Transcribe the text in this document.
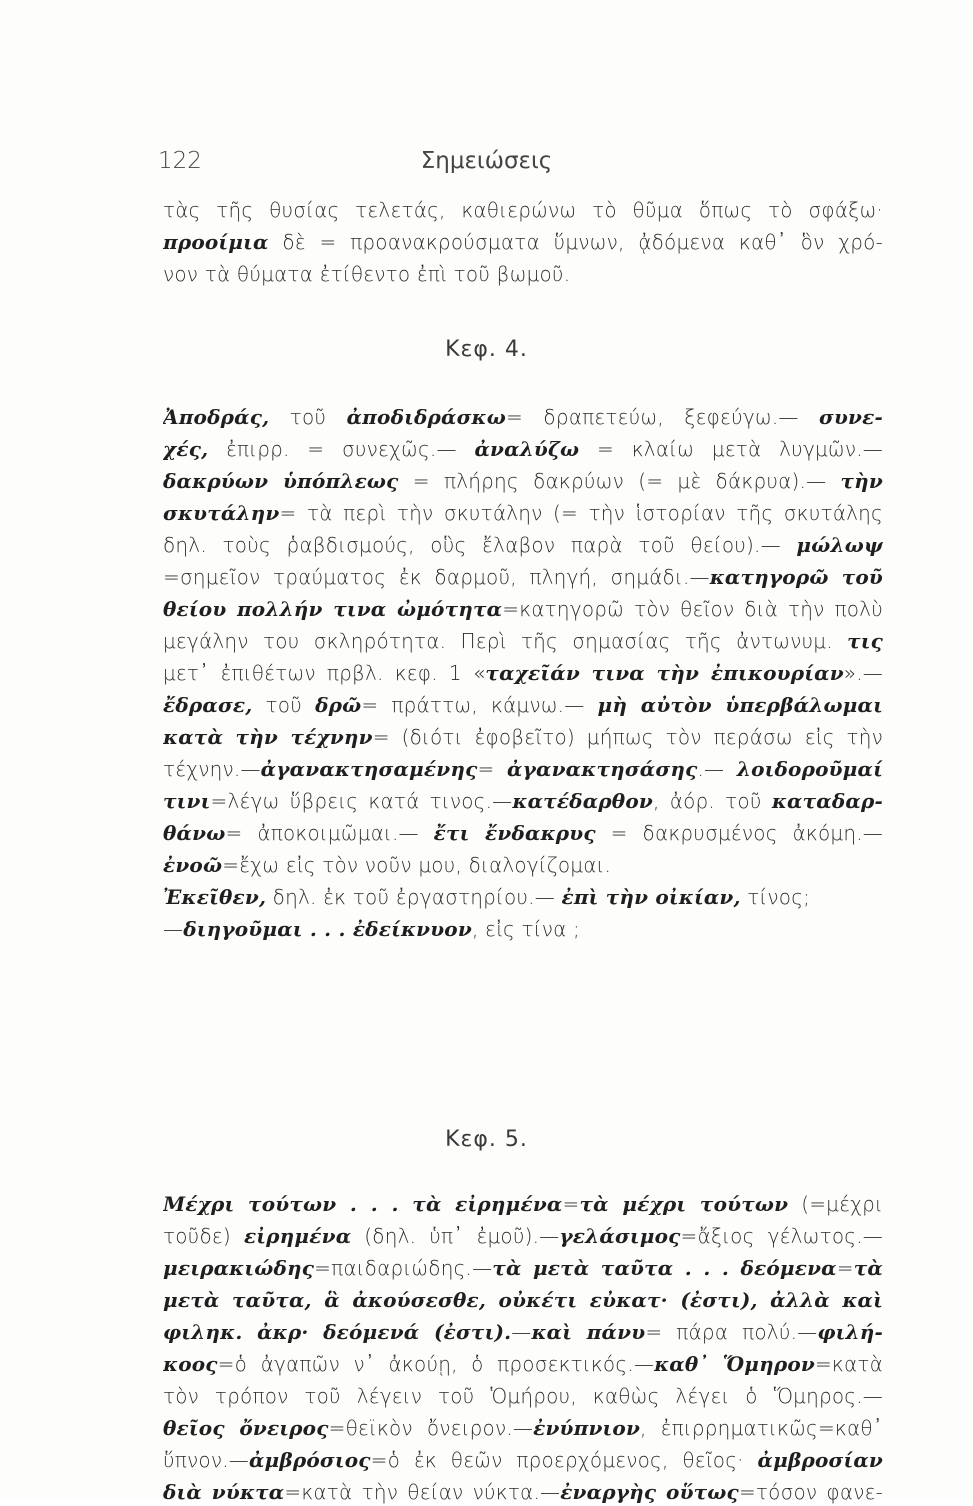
122	Σημειώσεις
τὰς τῆς θυσίας τελετάς, καθιερώνω τὸ θῦμα ὅπως τὸ σφάξω·
προοίμια δὲ = προανακρούσματα ὕμνων, ᾀδόμενα καθ᾽ ὃν χρό-
νον τὰ θύματα ἐτίθεντο ἐπὶ τοῦ βωμοῦ.
Κεφ. 4.
Ἀποδράς, τοῦ ἀποδιδράσκω= δραπετεύω, ξεφεύγω.— συνε-
χές, ἐπιρρ. = συνεχῶς.— ἀναλύζω = κλαίω μετὰ λυγμῶν.—
δακρύων ὑπόπλεως = πλήρης δακρύων (= μὲ δάκρυα).— τὴν
σκυτάλην= τὰ περὶ τὴν σκυτάλην (= τὴν ἱστορίαν τῆς σκυτάλης
δηλ. τοὺς ῥαβδισμούς, οὓς ἔλαβον παρὰ τοῦ θείου).— μώλωψ
=σημεῖον τραύματος ἐκ δαρμοῦ, πληγή, σημάδι.—κατηγορῶ τοῦ
θείου πολλήν τινα ὠμότητα=κατηγορῶ τὸν θεῖον διὰ τὴν πολὺ
μεγάλην του σκληρότητα. Περὶ τῆς σημασίας τῆς ἀντωνυμ. τις
μετ᾽ ἐπιθέτων πρβλ. κεφ. 1 «ταχεῖάν τινα τὴν ἐπικουρίαν».—
ἔδρασε, τοῦ δρῶ= πράττω, κάμνω.— μὴ αὐτὸν ὑπερβάλωμαι
κατὰ τὴν τέχνην= (διότι ἐφοβεῖτο) μήπως τὸν περάσω εἰς τὴν
τέχνην.—ἀγανακτησαμένης= ἀγανακτησάσης.— λοιδοροῦμαί
τινι=λέγω ὕβρεις κατά τινος.—κατέδαρθον, ἀόρ. τοῦ καταδαρ-
θάνω= ἀποκοιμῶμαι.— ἔτι ἔνδακρυς = δακρυσμένος ἀκόμη.—
ἐνοῶ=ἔχω εἰς τὸν νοῦν μου, διαλογίζομαι.
Ἐκεῖθεν, δηλ. ἐκ τοῦ ἐργαστηρίου.— ἐπὶ τὴν οἰκίαν, τίνος;
—διηγοῦμαι . . . ἐδείκνυον, εἰς τίνα ;
Κεφ. 5.
Μέχρι τούτων . . . τὰ εἰρημένα=τὰ μέχρι τούτων (=μέχρι
τοῦδε) εἰρημένα (δηλ. ὑπ᾽ ἐμοῦ).—γελάσιμος=ἄξιος γέλωτος.—
μειρακιώδης=παιδαριώδης.—τὰ μετὰ ταῦτα . . . δεόμενα=τὰ
μετὰ ταῦτα, ἃ ἀκούσεσθε, οὐκέτι εὐκατ· (ἐστι), ἀλλὰ καὶ
φιληκ. ἀκρ· δεόμενά (ἐστι).—καὶ πάνυ= πάρα πολύ.—φιλή-
κοος=ὁ ἀγαπῶν ν᾽ ἀκούῃ, ὁ προσεκτικός.—καθ᾽ Ὅμηρον=κατὰ
τὸν τρόπον τοῦ λέγειν τοῦ Ὁμήρου, καθὼς λέγει ὁ Ὅμηρος.—
θεῖος ὄνειρος=θεϊκὸν ὄνειρον.—ἐνύπνιον, ἐπιρρηματικῶς=καθ᾽
ὕπνον.—ἀμβρόσιος=ὁ ἐκ θεῶν προερχόμενος, θεῖος· ἀμβροσίαν
διὰ νύκτα=κατὰ τὴν θείαν νύκτα.—ἐναργὴς οὕτως=τόσον φανε-
